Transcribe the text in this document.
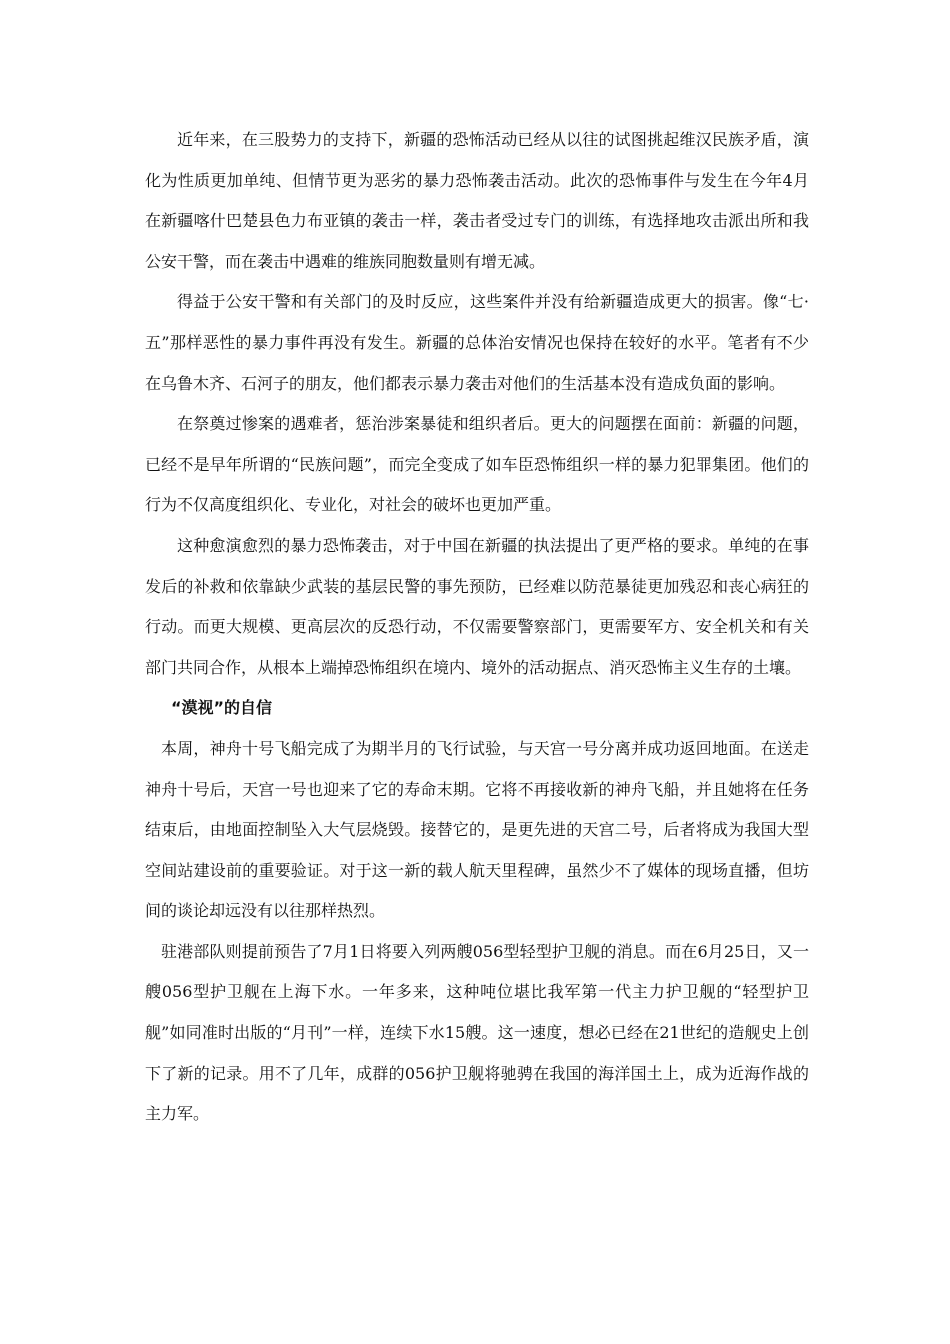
近年来，在三股势力的支持下，新疆的恐怖活动已经从以往的试图挑起维汉民族矛盾，演化为性质更加单纯、但情节更为恶劣的暴力恐怖袭击活动。此次的恐怖事件与发生在今年4月在新疆喀什巴楚县色力布亚镇的袭击一样，袭击者受过专门的训练，有选择地攻击派出所和我公安干警，而在袭击中遇难的维族同胞数量则有增无减。

得益于公安干警和有关部门的及时反应，这些案件并没有给新疆造成更大的损害。像“七·五”那样恶性的暴力事件再没有发生。新疆的总体治安情况也保持在较好的水平。笔者有不少在乌鲁木齐、石河子的朋友，他们都表示暴力袭击对他们的生活基本没有造成负面的影响。

在祭奠过惨案的遇难者，惩治涉案暴徒和组织者后。更大的问题摆在面前：新疆的问题，已经不是早年所谓的“民族问题”，而完全变成了如车臣恐怖组织一样的暴力犯罪集团。他们的行为不仅高度组织化、专业化，对社会的破坏也更加严重。

这种愈演愈烈的暴力恐怖袭击，对于中国在新疆的执法提出了更严格的要求。单纯的在事发后的补救和依靠缺少武装的基层民警的事先预防，已经难以防范暴徒更加残忍和丧心病狂的行动。而更大规模、更高层次的反恐行动，不仅需要警察部门，更需要军方、安全机关和有关部门共同合作，从根本上端掉恐怖组织在境内、境外的活动据点、消灭恐怖主义生存的土壤。

“漠视”的自信

本周，神舟十号飞船完成了为期半月的飞行试验，与天宫一号分离并成功返回地面。在送走神舟十号后，天宫一号也迎来了它的寿命末期。它将不再接收新的神舟飞船，并且她将在任务结束后，由地面控制坠入大气层烧毁。接替它的，是更先进的天宫二号，后者将成为我国大型空间站建设前的重要验证。对于这一新的载人航天里程碑，虽然少不了媒体的现场直播，但坊间的谈论却远没有以往那样热烈。

驻港部队则提前预告了7月1日将要入列两艘056型轻型护卫舰的消息。而在6月25日，又一艘056型护卫舰在上海下水。一年多来，这种吨位堪比我军第一代主力护卫舰的“轻型护卫舰”如同准时出版的“月刊”一样，连续下水15艘。这一速度，想必已经在21世纪的造舰史上创下了新的记录。用不了几年，成群的056护卫舰将驰骋在我国的海洋国土上，成为近海作战的主力军。
